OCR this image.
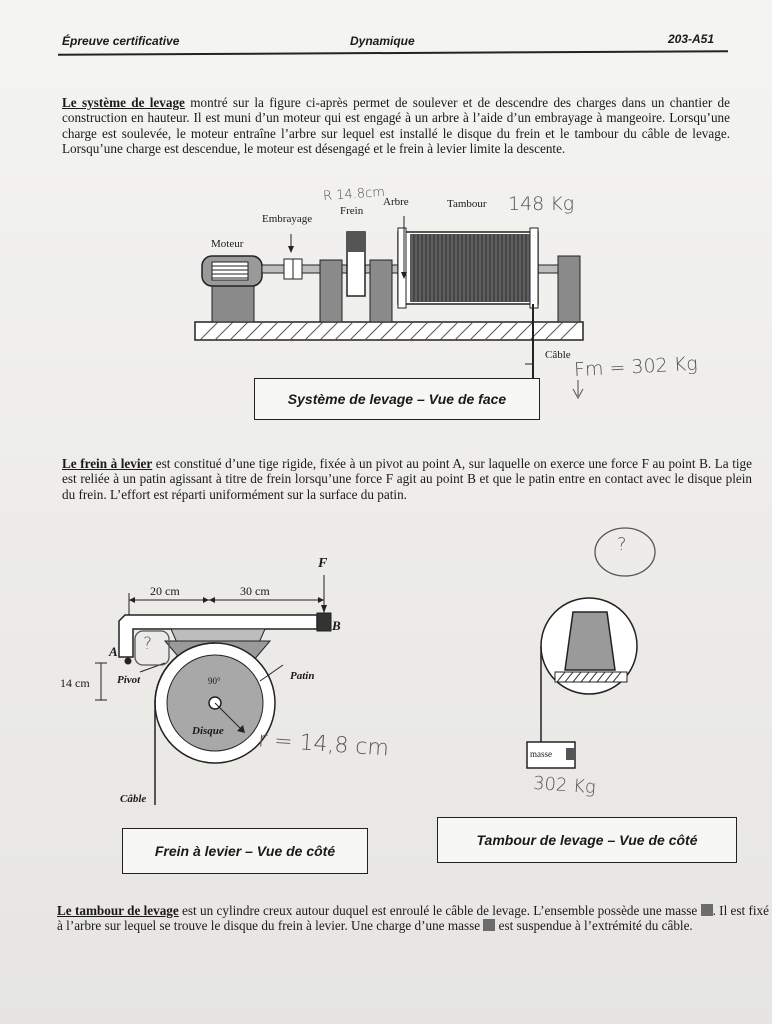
Épreuve certificative	Dynamique	203-A51
Le système de levage montré sur la figure ci-après permet de soulever et de descendre des charges dans un chantier de construction en hauteur. Il est muni d’un moteur qui est engagé à un arbre à l’aide d’un embrayage à mangeoire. Lorsqu’une charge est soulevée, le moteur entraîne l’arbre sur lequel est installé le disque du frein et le tambour du câble de levage. Lorsqu’une charge est descendue, le moteur est désengagé et le frein à levier limite la descente.
Moteur
Embrayage
Frein
Arbre	Tambour
Câble
R 14.8cm	148 Kg
Fm = 302 Kg
Système de levage – Vue de face
Le frein à levier est constitué d’une tige rigide, fixée à un pivot au point A, sur laquelle on exerce une force F au point B. La tige est reliée à un patin agissant à titre de frein lorsqu’une force F agit au point B et que le patin entre en contact avec le disque plein du frein. L’effort est réparti uniformément sur la surface du patin.
20 cm	30 cm
14 cm
F
A
B
Pivot	Patin
90°
Disque
Câble
r = 14,8 cm
?
Frein à levier – Vue de côté
masse
?
302 Kg
Tambour de levage – Vue de côté
Le tambour de levage est un cylindre creux autour duquel est enroulé le câble de levage. L’ensemble possède une masse . Il est fixé à l’arbre sur lequel se trouve le disque du frein à levier. Une charge d’une masse  est suspendue à l’extrémité du câble.
